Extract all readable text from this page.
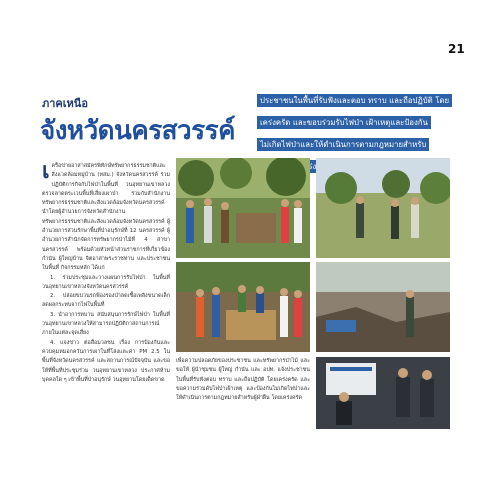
21
ภาคเหนือ
จังหวัดนครสวรรค์
ประชาชนในพื้นที่รับฟังและตอบ ทราบ และถือปฏิบัติ โดย
เคร่งครัด และขอบร่วมรับไฟป่า เฝ้าเหตุและป้องกัน
ไม่เกิดไฟป่าและให้ดำเนินการตามกฎหมายสำหรับ

เ ครือข่ายอาสาสมัครพิทักษ์ทรัพยากรธรรมชาติและสิ่งแวดล้อมหมู่บ้าน (ทสม.) จังหวัดนครสวรรค์ ร่วมปฏิบัติการกิจกับไฟป่าในพื้นที่ วนอุทยานเขาหลวง ตรวจลาดตระเวนพื้นที่เสี่ยงเผาป่า ร่วมกับสำนักงานทรัพยากรธรรมชาติและสิ่งแวดล้อมจังหวัดนครสวรรค์ นำโดยผู้อำนวยการจังหวัดสำนักงานทรัพยากรธรรมชาติและสิ่งแวดล้อมจังหวัดนครสวรรค์ ผู้อำนวยการส่วนรักษาพื้นที่ป่าอนุรักษ์ที่ 12 นครสวรรค์ ผู้อำนวยการสำนักจัดการทรัพยากรป่าไม้ที่ 4 สาขานครสวรรค์ พร้อมด้วยหัวหน้าส่วนราชการที่เกี่ยวข้อง กำนัน ผู้ใหญ่บ้าน จิตอาสาพระราชทาน และประชาชนในพื้นที่ กิจกรรมหลัก ได้แก่

1. ร่วมประชุมและวางแผนการรับไฟป่า ในพื้นที่วนอุทยานเขาหลวงจังหวัดนครสวรรค์

2. ปล่อยขบวนรถฟ้องรองป่าลดเชื้อเพลิงขนาดเล็ก ลดผลกระทบจากไฟในพื้นที่

3. นำอาการทบาน สนับสนุนการรักษ์ไฟป่า ในพื้นที่วนอุทยานเขาหลวงให้สามารถปฏิบัติกาสถานการณ์ภายในแต่ละจุดเสี่ยง

4. แจงข่าว ต่อสื่อมวลชน เรื่อง การป้องกันและควบคุมหมอกควันการเผาในที่โล่งและค่า PM 2.5 ในพื้นที่จังหวัดนครสวรรค์ และสถานการณ์ปัจจุบัน และขอให้ที่พื้นที่ประชุมร่วม วนอุทยานเขาหลวง ประกาศห้ามบุคคลใด ๆ เข้าพื้นที่ป่าอนุรักษ์ วนอุทยานโดยเด็ดขาด

เพื่อความปลอดภัยของประชาชน และทรัพยากรป่าไม้ และขอให้ ผู้นำชุมชน ผู้ใหญ่ กำนัน และ อปท. แจ้งประชาชนในพื้นที่รับฟังตอบ ทราบ และถือปฏิบัติ โดยเคร่งครัด และขอความร่วมดับไฟป่าเฝ้าเหตุ และป้องกันไม่เกิดไฟป่าและให้ดำเนินการตามกฎหมายสำหรับผู้ฝ่าฝืน โดยเคร่งครัด
